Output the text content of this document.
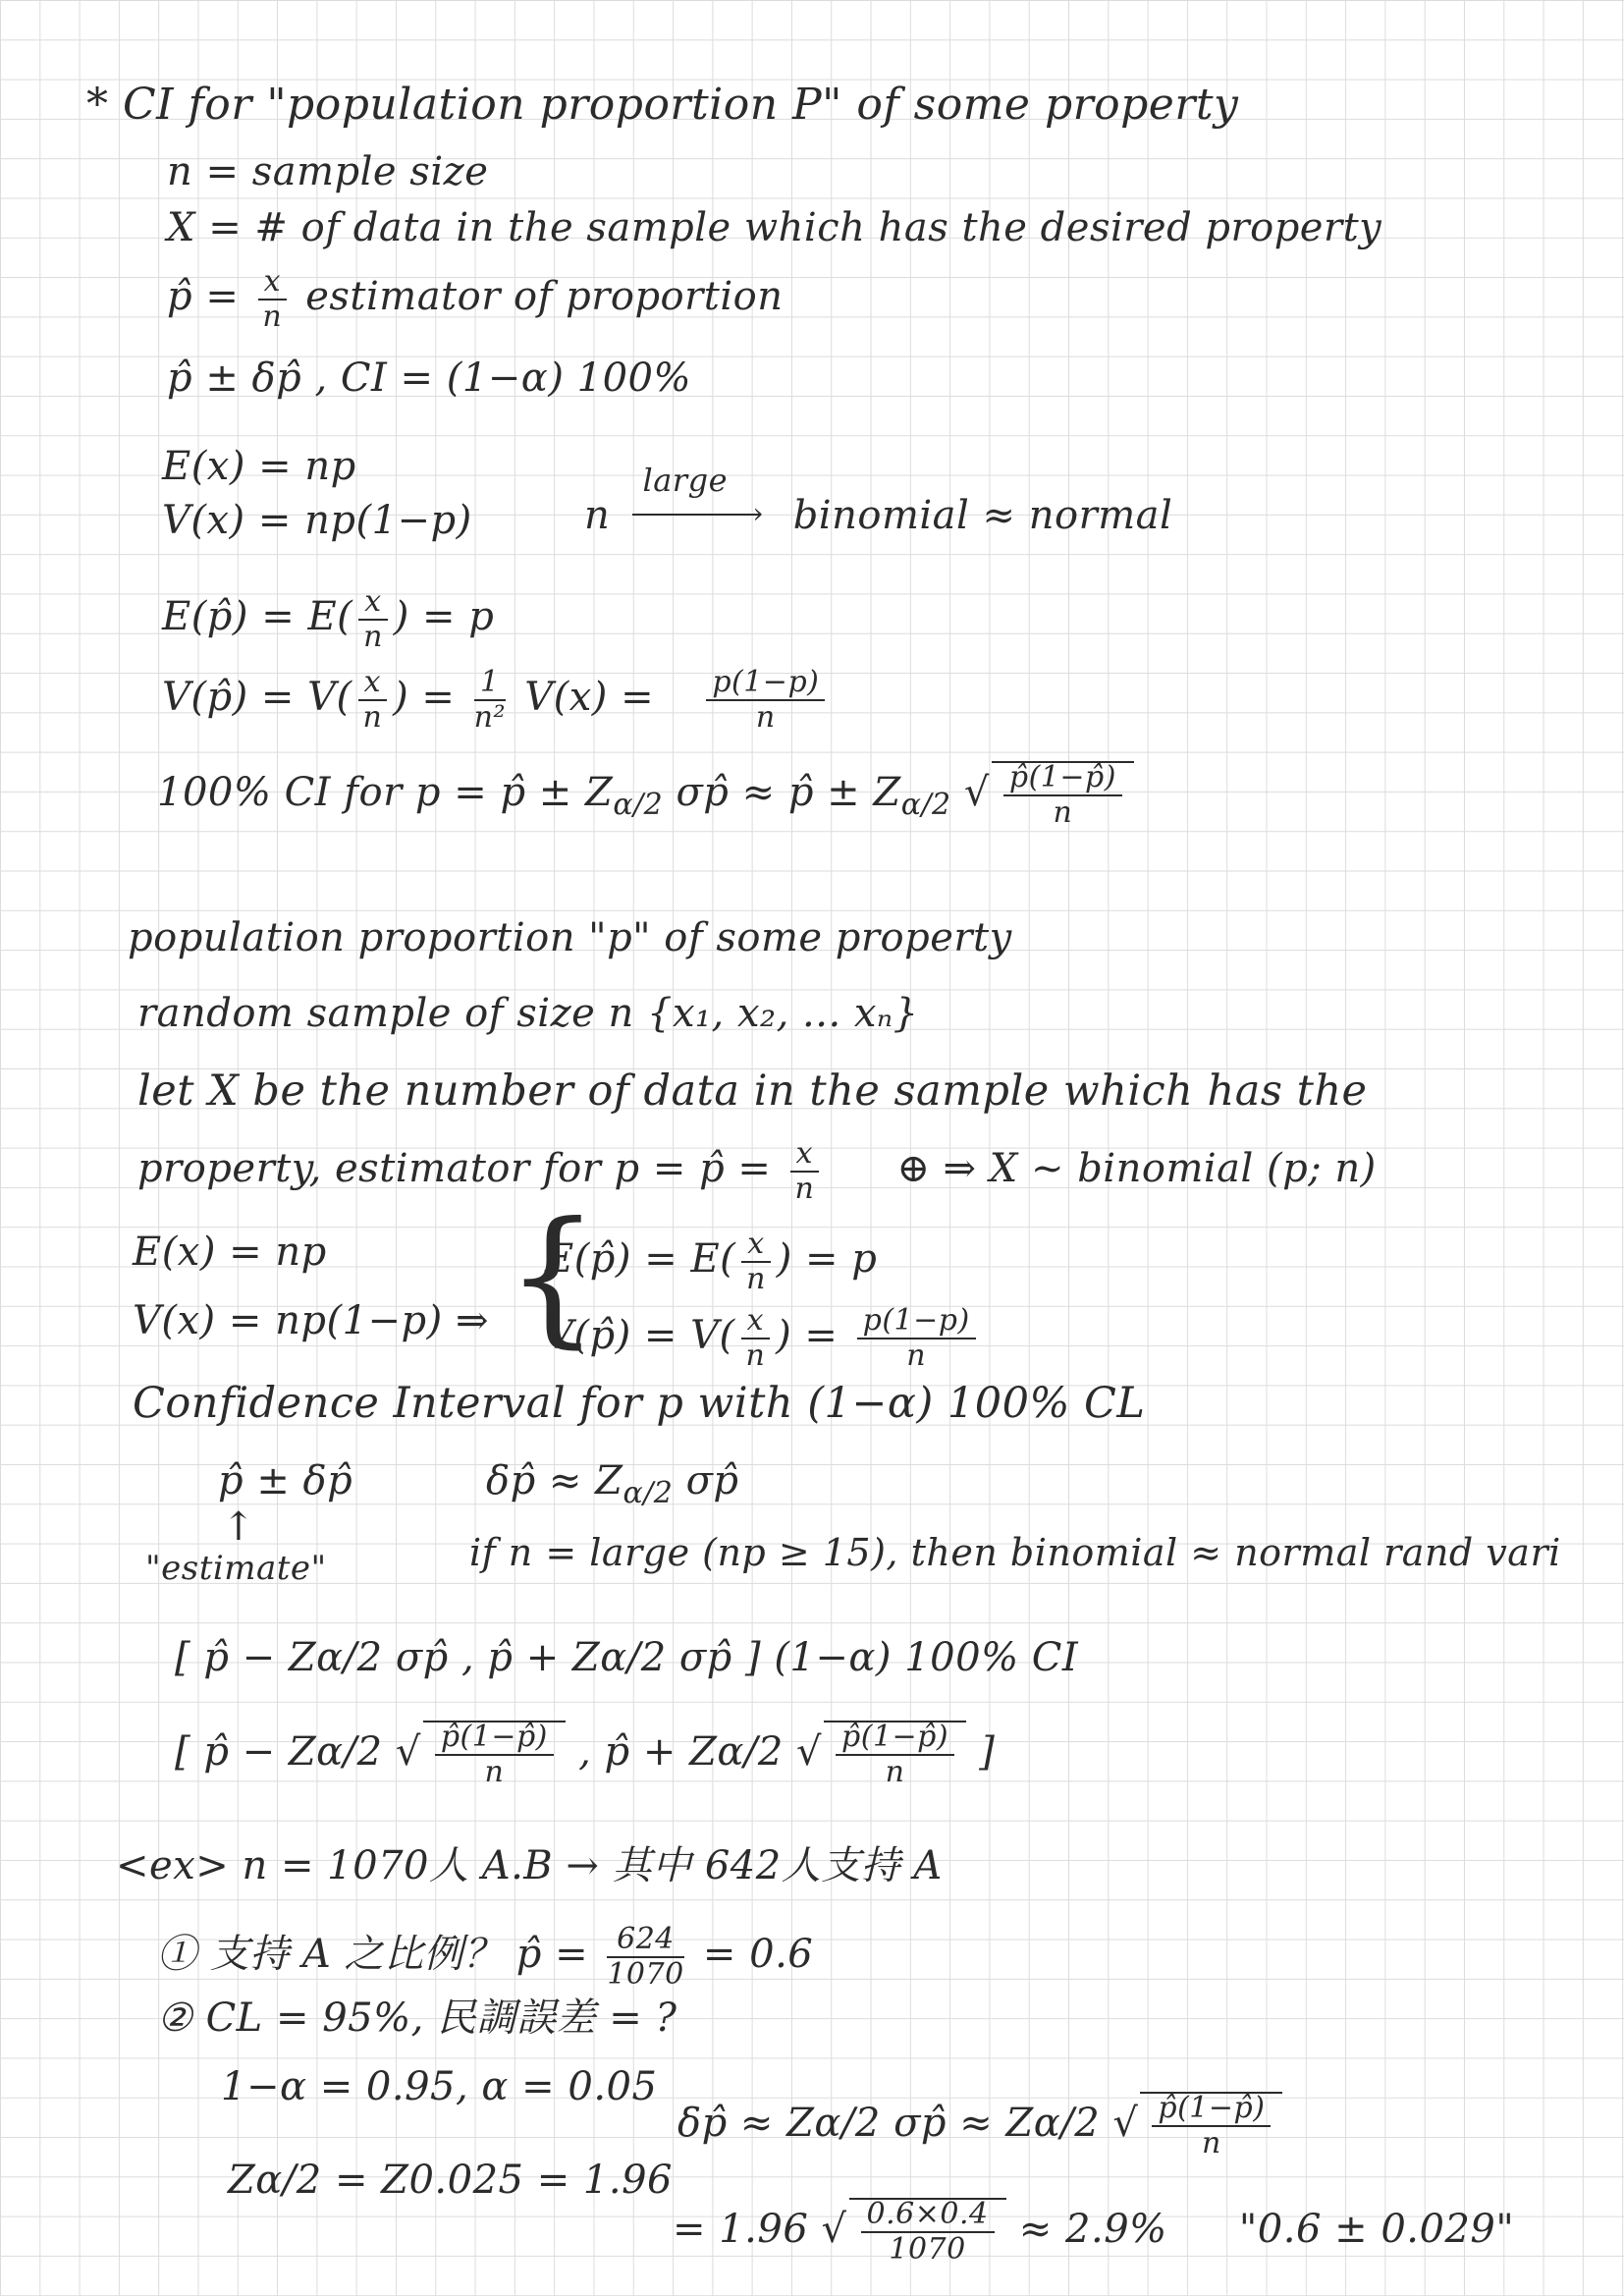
* CI for "population proportion P" of some property
n = sample size
X = # of data in the sample which has the desired property
p̂ = $\frac{x}{n}$ estimator of proportion
p̂ ± δp̂ , CI = (1−α) 100%
E(x) = np
V(x) = np(1−p)	n
large
› binomial ≈ normal
E(p̂) = $E( \frac{x}{n}$ ) = p
V(p̂) = $V( \frac{x}{n}$ ) = $\frac{1}{\text{n²}} V(x) = \frac{p(1-p)}{n}$
100% CI for p = p̂ ± $Z_{\alpha/2}$ σp̂ ≈ p̂ ± $Z_{\alpha/2}$ √ $\frac{p̂(1-p̂)}{n}$
population proportion "p" of some property
random sample of size n {x₁, x₂, ... xₙ}
let X be the number of data in the sample which has the
property, estimator for p = p̂ = $\frac{x}{n}$ ⊕ ⇒ X ~ binomial (p; n)
E(x) = np
V(x) = np(1−p) ⇒ {
E(p̂) = $E( \frac{x}{n}$ ) = p
V(p̂) = $V( \frac{x}{n}$ ) = $\frac{p(1-p)}{n}$
Confidence Interval for p with (1−α) 100% CL
p̂ ± δp̂	δp̂ ≈ $Z_{\alpha/2}$ σp̂
↑
"estimate"	if n = large (np ≥ 15), then binomial ≈ normal rand vari
[ p̂ − Zα/2 σp̂ , p̂ + Zα/2 σp̂ ] (1−α) 100% CI
[ p̂ − Zα/2 √ $\frac{p̂(1-p̂)}{n}$ , p̂ + Zα/2 √ $\frac{p̂(1-p̂)}{n}$ ]
<ex> n = 1070人 A.B → 其中 642人支持 A
① 支持 A 之比例？ p̂ = $\frac{624}{1070} = 0.6$
② CL = 95%, 民調誤差 = ?
1−α = 0.95, α = 0.05
δp̂ ≈ Zα/2 σp̂ ≈ Zα/2 √ $\frac{p̂(1-p̂)}{n}$
Zα/2 = Z0.025 = 1.96
= 1.96 √ $\frac{0.6\times 0.4}{1070} \approx 2.9\%$ "0.6 ± 0.029"
